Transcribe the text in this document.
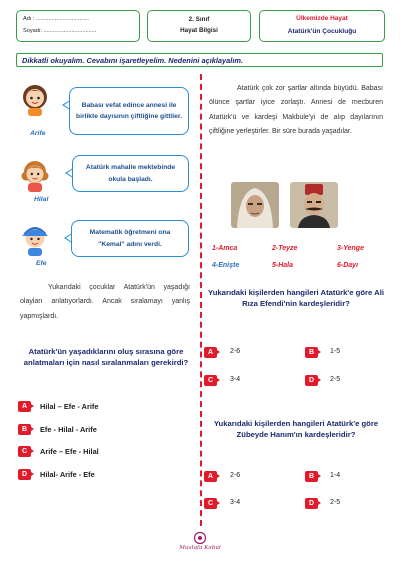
Adı : ..................................
Soyadı: ..................................
2. Sınıf
Hayat Bilgisi
Ülkemizde Hayat
Atatürk'ün Çocukluğu
Dikkatli okuyalım. Cevabını işaretleyelim. Nedenini açıklayalım.
Arife
Babası vefat edince annesi ile birlikte dayısının çiftliğine gittiler.
Hilal
Atatürk mahalle mektebinde okula başladı.
Efe
Matematik öğretmeni ona ''Kemal'' adını verdi.
Yukarıdaki çocuklar Atatürk'ün yaşadığı olayları anlatıyorlardı. Ancak sıralamayı yanlış yapmışlardı.
Atatürk'ün yaşadıklarını oluş sırasına göre anlatmaları için nasıl sıralanmaları gerekirdi?
A	Hilal – Efe - Arife
B	Efe - Hilal - Arife
C	Arife – Efe - Hilal
D	Hilal- Arife - Efe
Atatürk çok zor şartlar altında büyüdü. Babası ölünce şartlar iyice zorlaştı. Annesi de mecburen Atatürk'ü ve kardeşi Makbule'yi de alıp dayılarının çiftliğine yerleştirler. Bir süre burada yaşadılar.
1-Amca	2-Teyze	3-Yenge
4-Enişte	5-Hala	6-Dayı
Yukarıdaki kişilerden hangileri Atatürk'e göre Ali Rıza Efendi'nin kardeşleridir?
A	2-6	B	1-5
C	3-4	D	2-5
Yukarıdaki kişilerden hangileri Atatürk'e göre Zübeyde Hanım'ın kardeşleridir?
A	2-6	B	1-4
C	3-4	D	2-5
Mustafa Kabul
